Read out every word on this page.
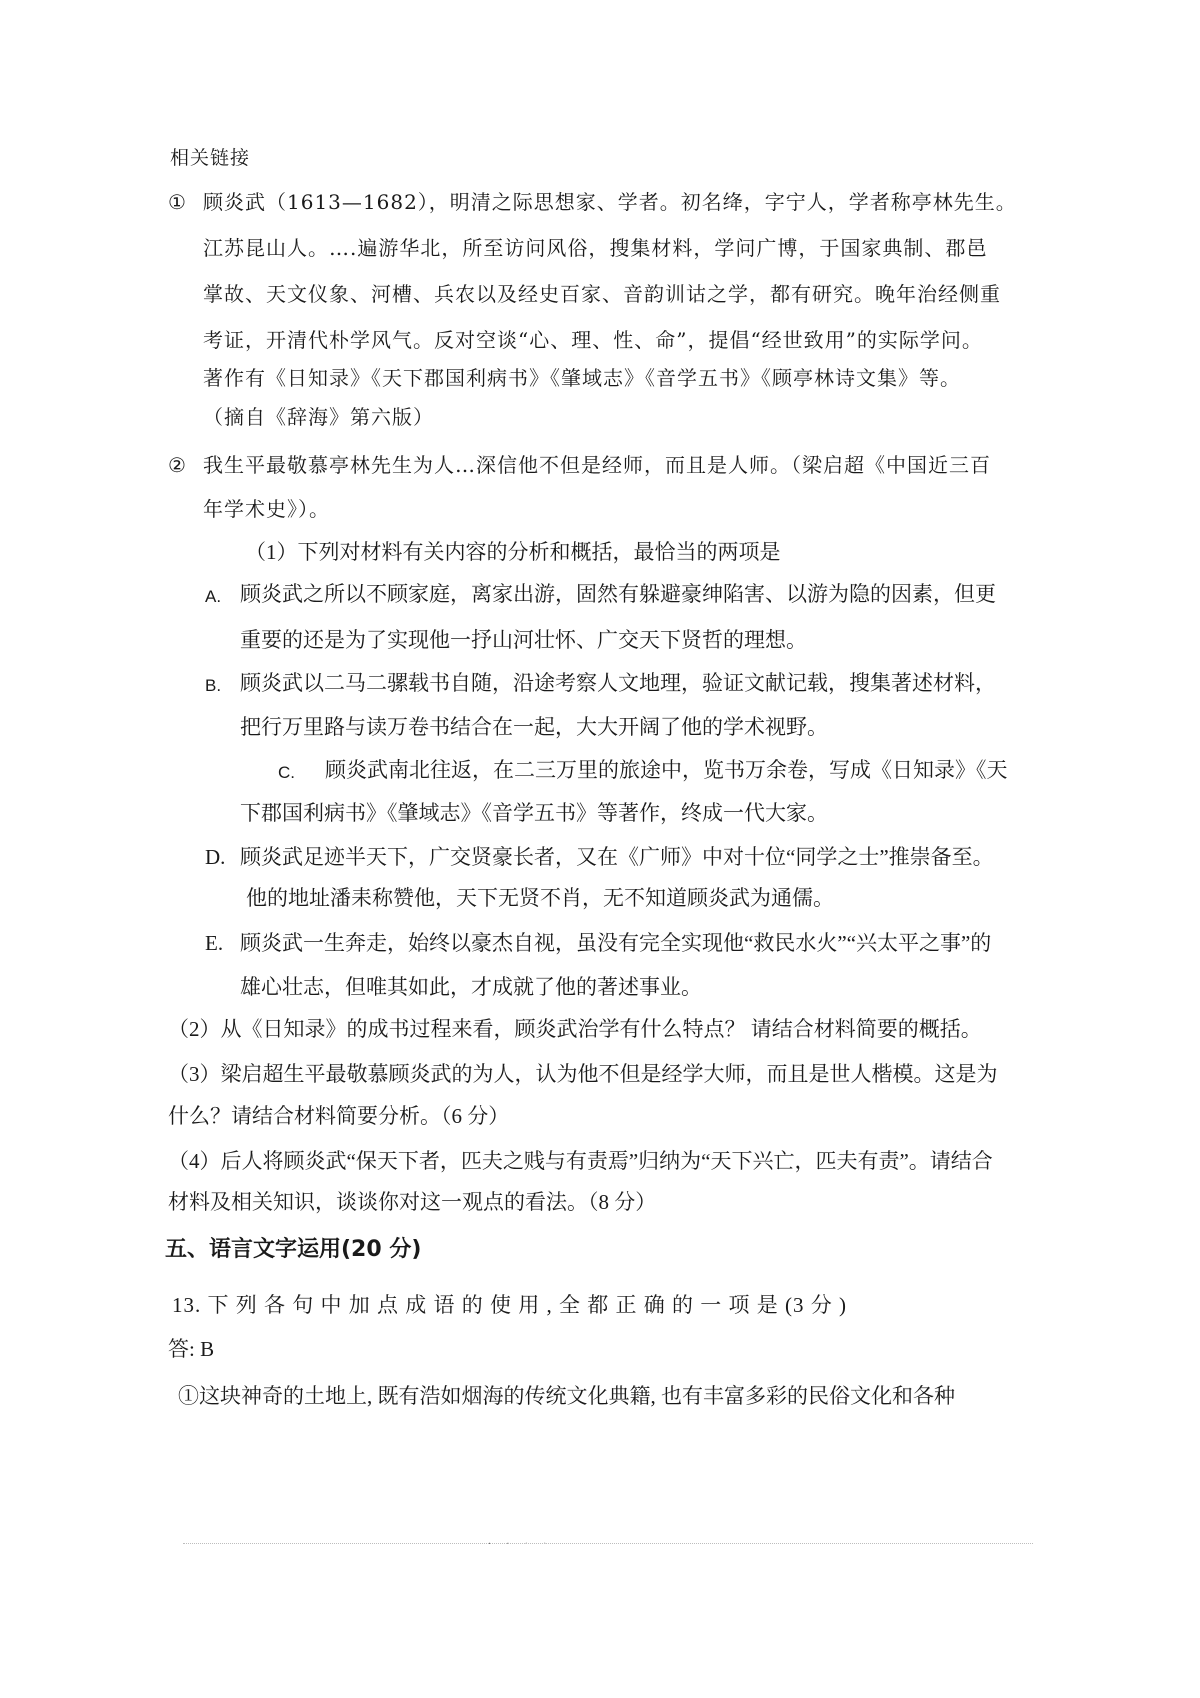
相关链接
① 顾炎武（1613—1682），明清之际思想家、学者。初名绛，字宁人，学者称亭林先生。
江苏昆山人。….遍游华北，所至访问风俗，搜集材料，学问广博，于国家典制、郡邑
掌故、天文仪象、河槽、兵农以及经史百家、音韵训诂之学，都有研究。晚年治经侧重
考证，开清代朴学风气。反对空谈“心、理、性、命”，提倡“经世致用”的实际学问。
著作有《日知录》《天下郡国利病书》《肇域志》《音学五书》《顾亭林诗文集》等。
（摘自《辞海》第六版）
② 我生平最敬慕亭林先生为人…深信他不但是经师，而且是人师。（梁启超《中国近三百
年学术史》）。
（1）下列对材料有关内容的分析和概括，最恰当的两项是
A. 顾炎武之所以不顾家庭，离家出游，固然有躲避豪绅陷害、以游为隐的因素，但更
重要的还是为了实现他一抒山河壮怀、广交天下贤哲的理想。
B. 顾炎武以二马二骡载书自随，沿途考察人文地理，验证文献记载，搜集著述材料，
把行万里路与读万卷书结合在一起，大大开阔了他的学术视野。
C. 顾炎武南北往返，在二三万里的旅途中，览书万余卷，写成《日知录》《天
下郡国利病书》《肇域志》《音学五书》等著作，终成一代大家。
D. 顾炎武足迹半天下，广交贤豪长者，又在《广师》中对十位“同学之士”推崇备至。
他的地址潘耒称赞他，天下无贤不肖，无不知道顾炎武为通儒。
E. 顾炎武一生奔走，始终以豪杰自视，虽没有完全实现他“救民水火”“兴太平之事”的
雄心壮志，但唯其如此，才成就了他的著述事业。
（2）从《日知录》的成书过程来看，顾炎武治学有什么特点？ 请结合材料简要的概括。
（3）梁启超生平最敬慕顾炎武的为人，认为他不但是经学大师，而且是世人楷模。这是为
什么？请结合材料简要分析。（6 分）
（4）后人将顾炎武“保天下者，匹夫之贱与有责焉”归纳为“天下兴亡，匹夫有责”。请结合
材料及相关知识，谈谈你对这一观点的看法。（8 分）
五、语言文字运用(20 分)
13. 下 列 各 句 中 加 点 成 语 的 使 用 , 全 都 正 确 的 一 项 是 (3 分 )
答: B
①这块神奇的土地上, 既有浩如烟海的传统文化典籍, 也有丰富多彩的民俗文化和各种
· · · ·
